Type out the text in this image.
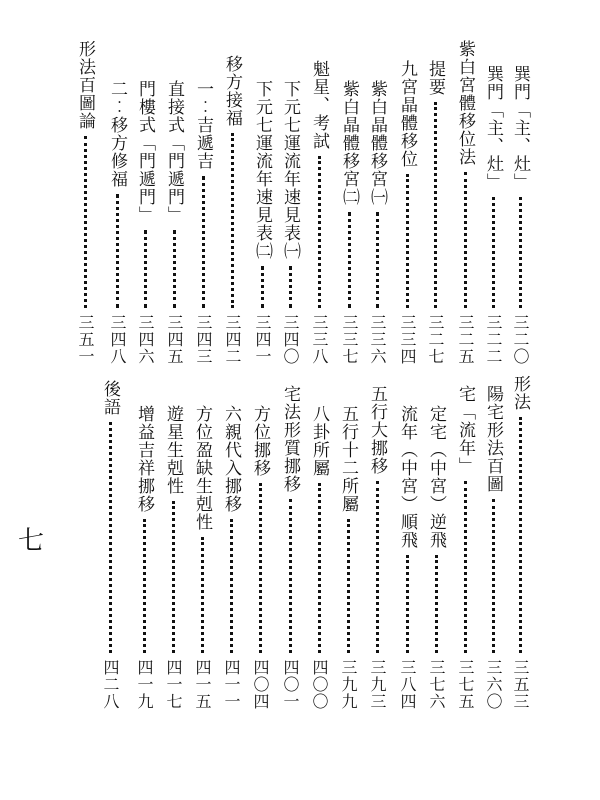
巽門「主、灶」
三二〇
巽門「主、灶」
三二二
紫白宮體移位法
三二五
提要
三二七
九宮晶體移位
三三四
紫白晶體移宮㈠
三三六
紫白晶體移宮㈡
三三七
魁星、考試
三三八
下元七運流年速見表㈠
三四〇
下元七運流年速見表㈡
三四一
移方接福
三四二
一︰吉遞吉
三四三
直接式「門遞門」
三四五
門樓式「門遞門」
三四六
二︰移方修福
三四八
形法百圖論
三五一
形法
三五三
陽宅形法百圖
三六〇
宅「流年」
三七五
定宅（中宮）逆飛
三七六
流年（中宮）順飛
三八四
五行大挪移
三九三
五行十二所屬
三九九
八卦所屬
四〇〇
宅法形質挪移
四〇一
方位挪移
四〇四
六親代入挪移
四一一
方位盈缺生剋性
四一五
遊星生剋性
四一七
增益吉祥挪移
四一九
後語
四二八
七
